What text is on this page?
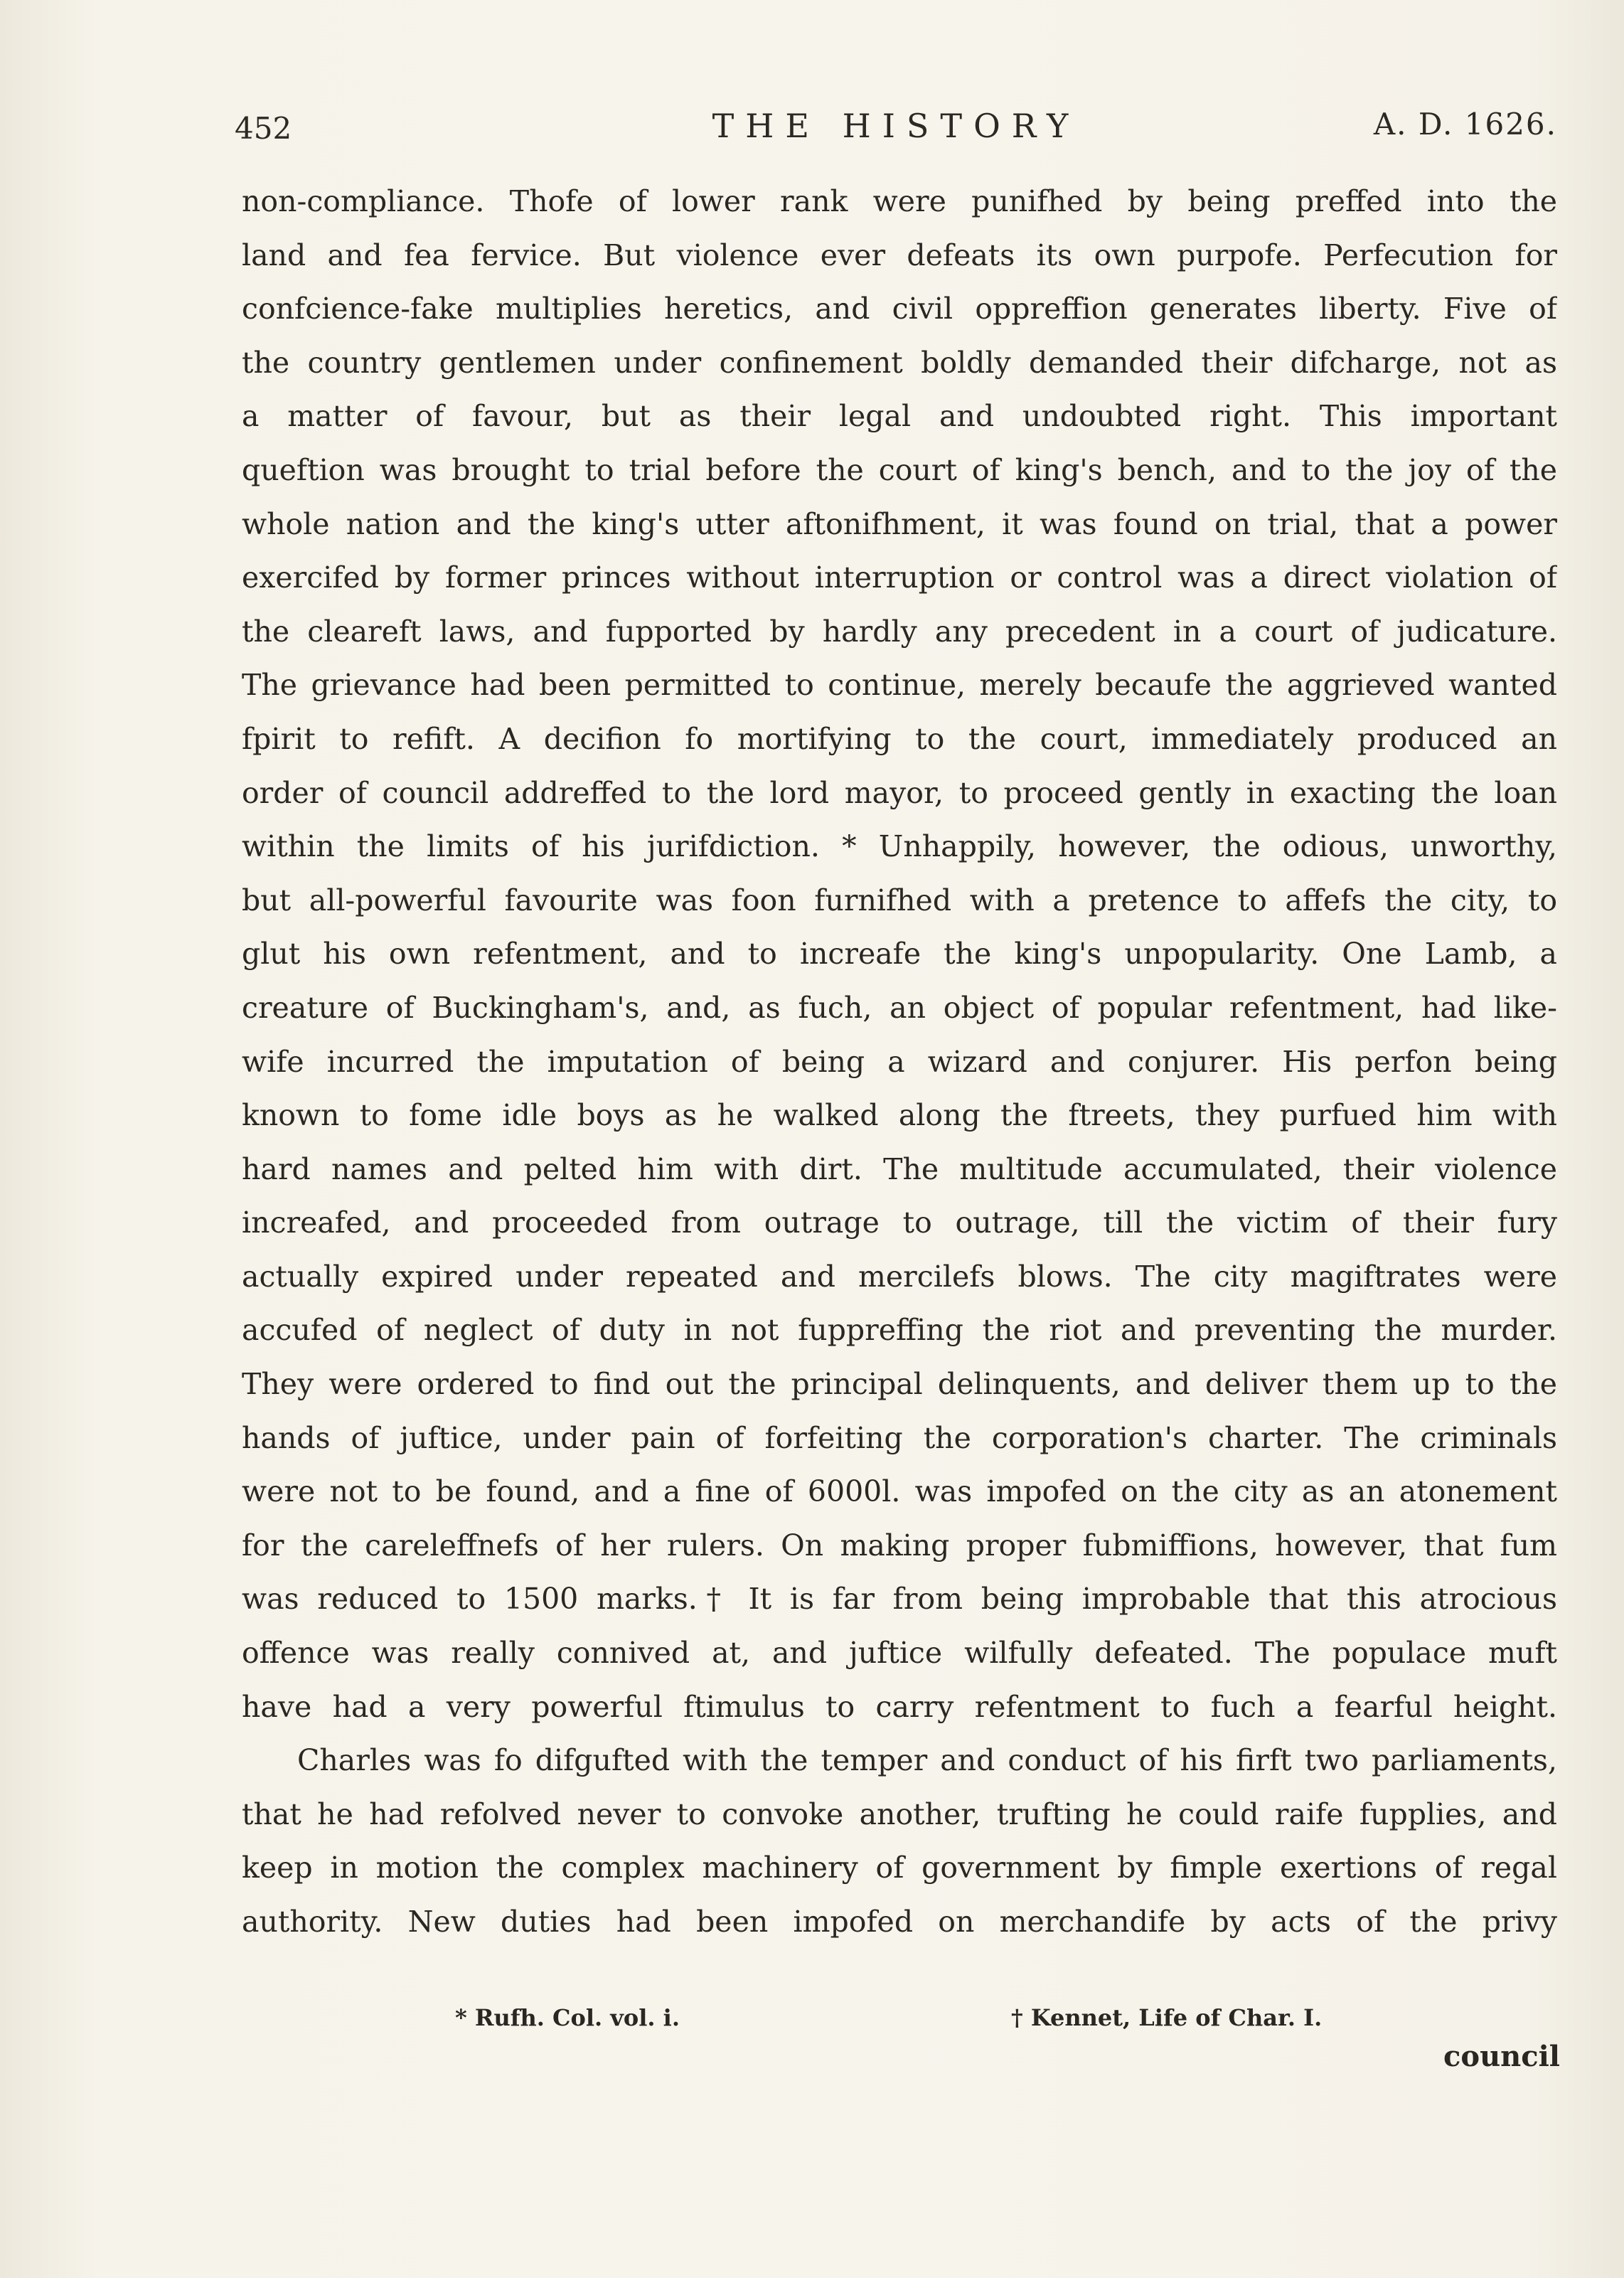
452	THE HISTORY	A. D. 1626.
non-compliance. Thofe of lower rank were punifhed by being preffed into the
land and fea fervice. But violence ever defeats its own purpofe. Perfecution for
confcience-fake multiplies heretics, and civil oppreffion generates liberty. Five of
the country gentlemen under confinement boldly demanded their difcharge, not as
a matter of favour, but as their legal and undoubted right. This important
queftion was brought to trial before the court of king's bench, and to the joy of the
whole nation and the king's utter aftonifhment, it was found on trial, that a power
exercifed by former princes without interruption or control was a direct violation of
the cleareft laws, and fupported by hardly any precedent in a court of judicature.
The grievance had been permitted to continue, merely becaufe the aggrieved wanted
fpirit to refift. A decifion fo mortifying to the court, immediately produced an
order of council addreffed to the lord mayor, to proceed gently in exacting the loan
within the limits of his jurifdiction. * Unhappily, however, the odious, unworthy,
but all-powerful favourite was foon furnifhed with a pretence to affefs the city, to
glut his own refentment, and to increafe the king's unpopularity. One Lamb, a
creature of Buckingham's, and, as fuch, an object of popular refentment, had like-
wife incurred the imputation of being a wizard and conjurer. His perfon being
known to fome idle boys as he walked along the ftreets, they purfued him with
hard names and pelted him with dirt. The multitude accumulated, their violence
increafed, and proceeded from outrage to outrage, till the victim of their fury
actually expired under repeated and mercilefs blows. The city magiftrates were
accufed of neglect of duty in not fuppreffing the riot and preventing the murder.
They were ordered to find out the principal delinquents, and deliver them up to the
hands of juftice, under pain of forfeiting the corporation's charter. The criminals
were not to be found, and a fine of 6000l. was impofed on the city as an atonement
for the careleffnefs of her rulers. On making proper fubmiffions, however, that fum
was reduced to 1500 marks.† It is far from being improbable that this atrocious
offence was really connived at, and juftice wilfully defeated. The populace muft
have had a very powerful ftimulus to carry refentment to fuch a fearful height.
Charles was fo difgufted with the temper and conduct of his firft two parliaments,
that he had refolved never to convoke another, trufting he could raife fupplies, and
keep in motion the complex machinery of government by fimple exertions of regal
authority. New duties had been impofed on merchandife by acts of the privy
* Rufh. Col. vol. i.	† Kennet, Life of Char. I.
council
